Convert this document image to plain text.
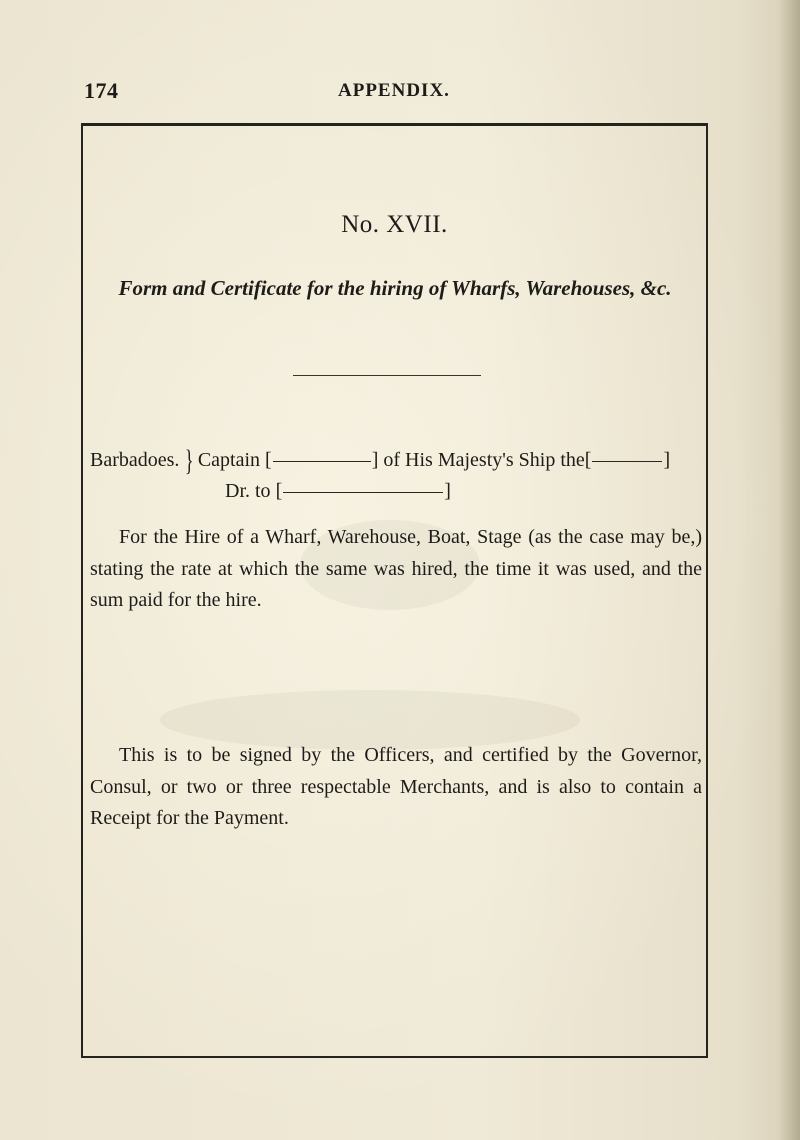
174	APPENDIX.
No. XVII.
Form and Certificate for the hiring of Wharfs, Warehouses, &c.
Barbadoes. } Captain [	] of His Majesty's Ship the[	]
Dr. to [	]
For the Hire of a Wharf, Warehouse, Boat, Stage (as the case may be,) stating the rate at which the same was hired, the time it was used, and the sum paid for the hire.
This is to be signed by the Officers, and certified by the Governor, Consul, or two or three respectable Merchants, and is also to contain a Receipt for the Payment.
